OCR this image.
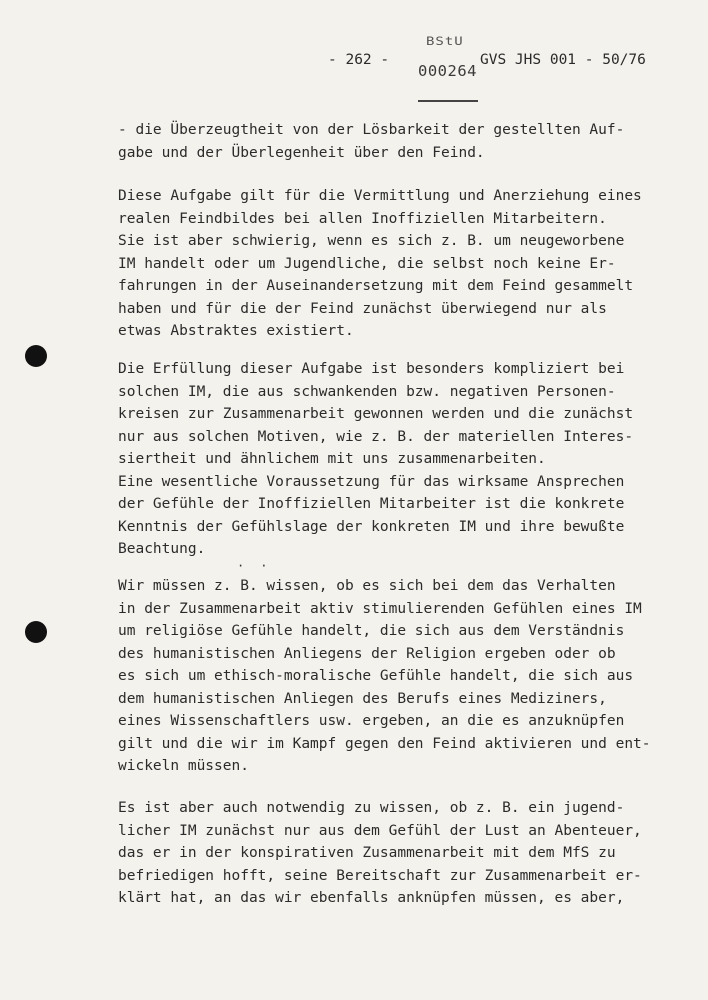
- 262 -	GVS JHS 001 - 50/76
BStU
000264
- die Überzeugtheit von der Lösbarkeit der gestellten Auf-
gabe und der Überlegenheit über den Feind.
Diese Aufgabe gilt für die Vermittlung und Anerziehung eines
realen Feindbildes bei allen Inoffiziellen Mitarbeitern.
Sie ist aber schwierig, wenn es sich z. B. um neugeworbene
IM handelt oder um Jugendliche, die selbst noch keine Er-
fahrungen in der Auseinandersetzung mit dem Feind gesammelt
haben und für die der Feind zunächst überwiegend nur als
etwas Abstraktes existiert.
Die Erfüllung dieser Aufgabe ist besonders kompliziert bei
solchen IM, die aus schwankenden bzw. negativen Personen-
kreisen zur Zusammenarbeit gewonnen werden und die zunächst
nur aus solchen Motiven, wie z. B. der materiellen Interes-
siertheit und ähnlichem mit uns zusammenarbeiten.
Eine wesentliche Voraussetzung für das wirksame Ansprechen
der Gefühle der Inoffiziellen Mitarbeiter ist die konkrete
Kenntnis der Gefühlslage der konkreten IM und ihre bewußte
Beachtung.
··
Wir müssen z. B. wissen, ob es sich bei dem das Verhalten
in der Zusammenarbeit aktiv stimulierenden Gefühlen eines IM
um religiöse Gefühle handelt, die sich aus dem Verständnis
des humanistischen Anliegens der Religion ergeben oder ob
es sich um ethisch-moralische Gefühle handelt, die sich aus
dem humanistischen Anliegen des Berufs eines Mediziners,
eines Wissenschaftlers usw. ergeben, an die es anzuknüpfen
gilt und die wir im Kampf gegen den Feind aktivieren und ent-
wickeln müssen.
Es ist aber auch notwendig zu wissen, ob z. B. ein jugend-
licher IM zunächst nur aus dem Gefühl der Lust an Abenteuer,
das er in der konspirativen Zusammenarbeit mit dem MfS zu
befriedigen hofft, seine Bereitschaft zur Zusammenarbeit er-
klärt hat, an das wir ebenfalls anknüpfen müssen, es aber,
